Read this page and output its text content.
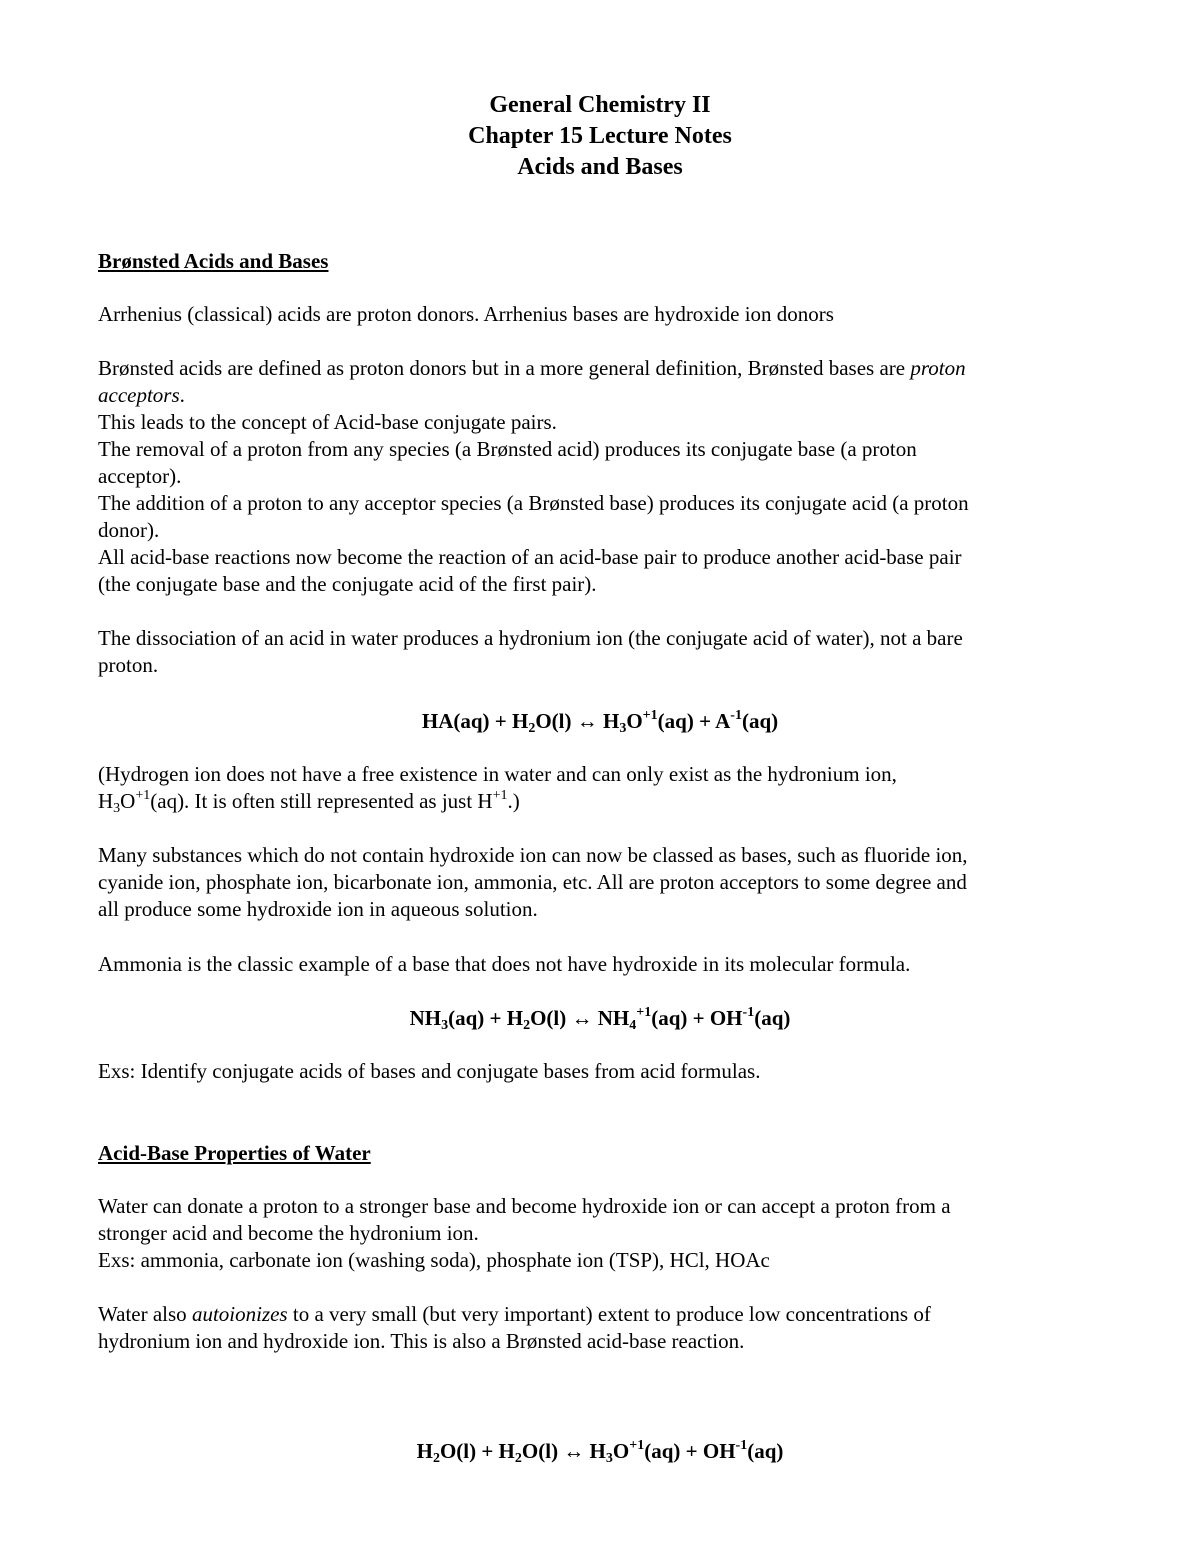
General Chemistry II
Chapter 15 Lecture Notes
Acids and Bases
Brønsted Acids and Bases
Arrhenius (classical) acids are proton donors. Arrhenius bases are hydroxide ion donors
Brønsted acids are defined as proton donors but in a more general definition, Brønsted bases are proton
acceptors.
This leads to the concept of Acid-base conjugate pairs.
The removal of a proton from any species (a Brønsted acid) produces its conjugate base (a proton
acceptor).
The addition of a proton to any acceptor species (a Brønsted base) produces its conjugate acid (a proton
donor).
All acid-base reactions now become the reaction of an acid-base pair to produce another acid-base pair
(the conjugate base and the conjugate acid of the first pair).
The dissociation of an acid in water produces a hydronium ion (the conjugate acid of water), not a bare
proton.
$HA(aq) + H_2O(l)$ ↔ $H_3O^{+1}(aq) + A^{-1}(aq)$
(Hydrogen ion does not have a free existence in water and can only exist as the hydronium ion,
$H_3O^{+1}(aq)$. It is often still represented as just $H^{+1}$.)
Many substances which do not contain hydroxide ion can now be classed as bases, such as fluoride ion,
cyanide ion, phosphate ion, bicarbonate ion, ammonia, etc. All are proton acceptors to some degree and
all produce some hydroxide ion in aqueous solution.
Ammonia is the classic example of a base that does not have hydroxide in its molecular formula.
$NH_3(aq) + H_2O(l)$ ↔ $NH_4^{+1}(aq) + OH^{-1}(aq)$
Exs: Identify conjugate acids of bases and conjugate bases from acid formulas.
Acid-Base Properties of Water
Water can donate a proton to a stronger base and become hydroxide ion or can accept a proton from a
stronger acid and become the hydronium ion.
Exs: ammonia, carbonate ion (washing soda), phosphate ion (TSP), HCl, HOAc
Water also autoionizes to a very small (but very important) extent to produce low concentrations of
hydronium ion and hydroxide ion. This is also a Brønsted acid-base reaction.
$H_2O(l) + H_2O(l)$ ↔ $H_3O^{+1}(aq) + OH^{-1}(aq)$
